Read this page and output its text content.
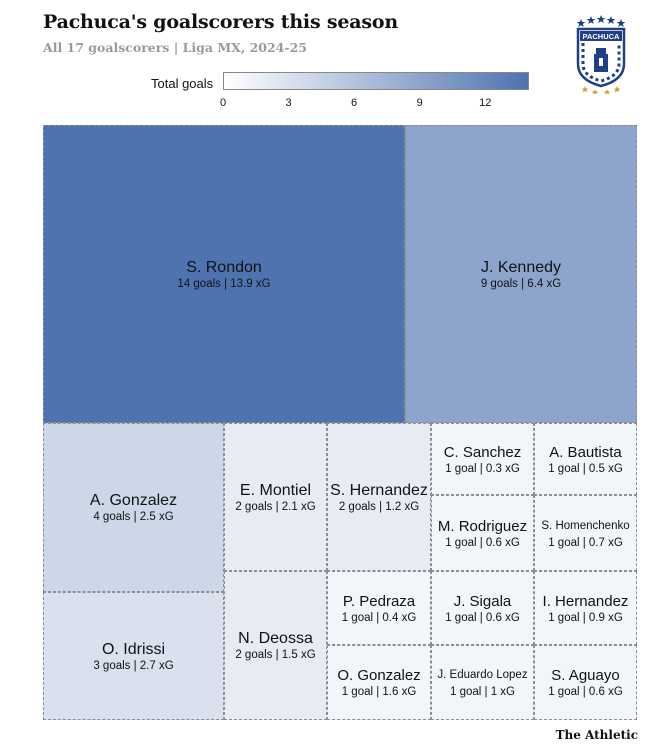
Pachuca's goalscorers this season
All 17 goalscorers | Liga MX, 2024-25
Total goals
0	3	6	9	12
PACHUCA
S. Rondon
14 goals | 13.9 xG
J. Kennedy
9 goals | 6.4 xG
A. Gonzalez
4 goals | 2.5 xG
O. Idrissi
3 goals | 2.7 xG
E. Montiel
2 goals | 2.1 xG
N. Deossa
2 goals | 1.5 xG
S. Hernandez
2 goals | 1.2 xG
C. Sanchez
1 goal | 0.3 xG
A. Bautista
1 goal | 0.5 xG
M. Rodriguez
1 goal | 0.6 xG
S. Homenchenko
1 goal | 0.7 xG
P. Pedraza
1 goal | 0.4 xG
J. Sigala
1 goal | 0.6 xG
I. Hernandez
1 goal | 0.9 xG
O. Gonzalez
1 goal | 1.6 xG
J. Eduardo Lopez
1 goal | 1 xG
S. Aguayo
1 goal | 0.6 xG
The Athletic
